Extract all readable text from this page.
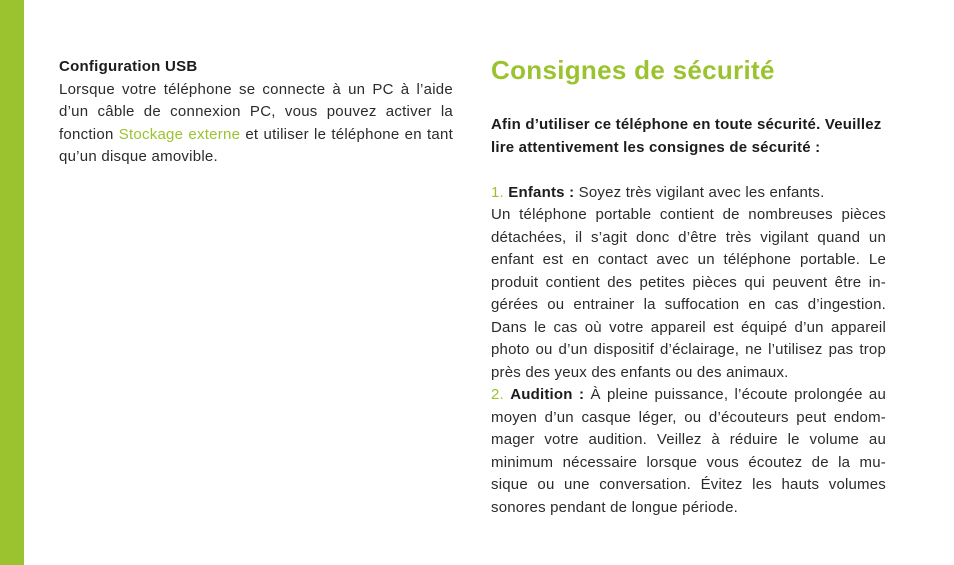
Configuration USB

Lorsque votre téléphone se connecte à un PC à l’aide d’un câble de connexion PC, vous pouvez activer la fonction Stockage externe et utiliser le téléphone en tant qu’un disque amovible.

Consignes de sécurité
Afin d’utiliser ce téléphone en toute sécurité. Veuillez lire attentivement les consignes de sécurité :

1. Enfants : Soyez très vigilant avec les enfants.

Un téléphone portable contient de nombreuses pièces détachées, il s’agit donc d’être très vigilant quand un enfant est en contact avec un téléphone portable. Le produit contient des petites pièces qui peuvent être in-gérées ou entrainer la suffocation en cas d’ingestion. Dans le cas où votre appareil est équipé d’un appareil photo ou d’un dispositif d’éclairage, ne l’utilisez pas trop près des yeux des enfants ou des animaux.

2. Audition : À pleine puissance, l’écoute prolongée au moyen d’un casque léger, ou d’écouteurs peut endom-mager votre audition. Veillez à réduire le volume au minimum nécessaire lorsque vous écoutez de la mu-sique ou une conversation. Évitez les hauts volumes sonores pendant de longue période.
